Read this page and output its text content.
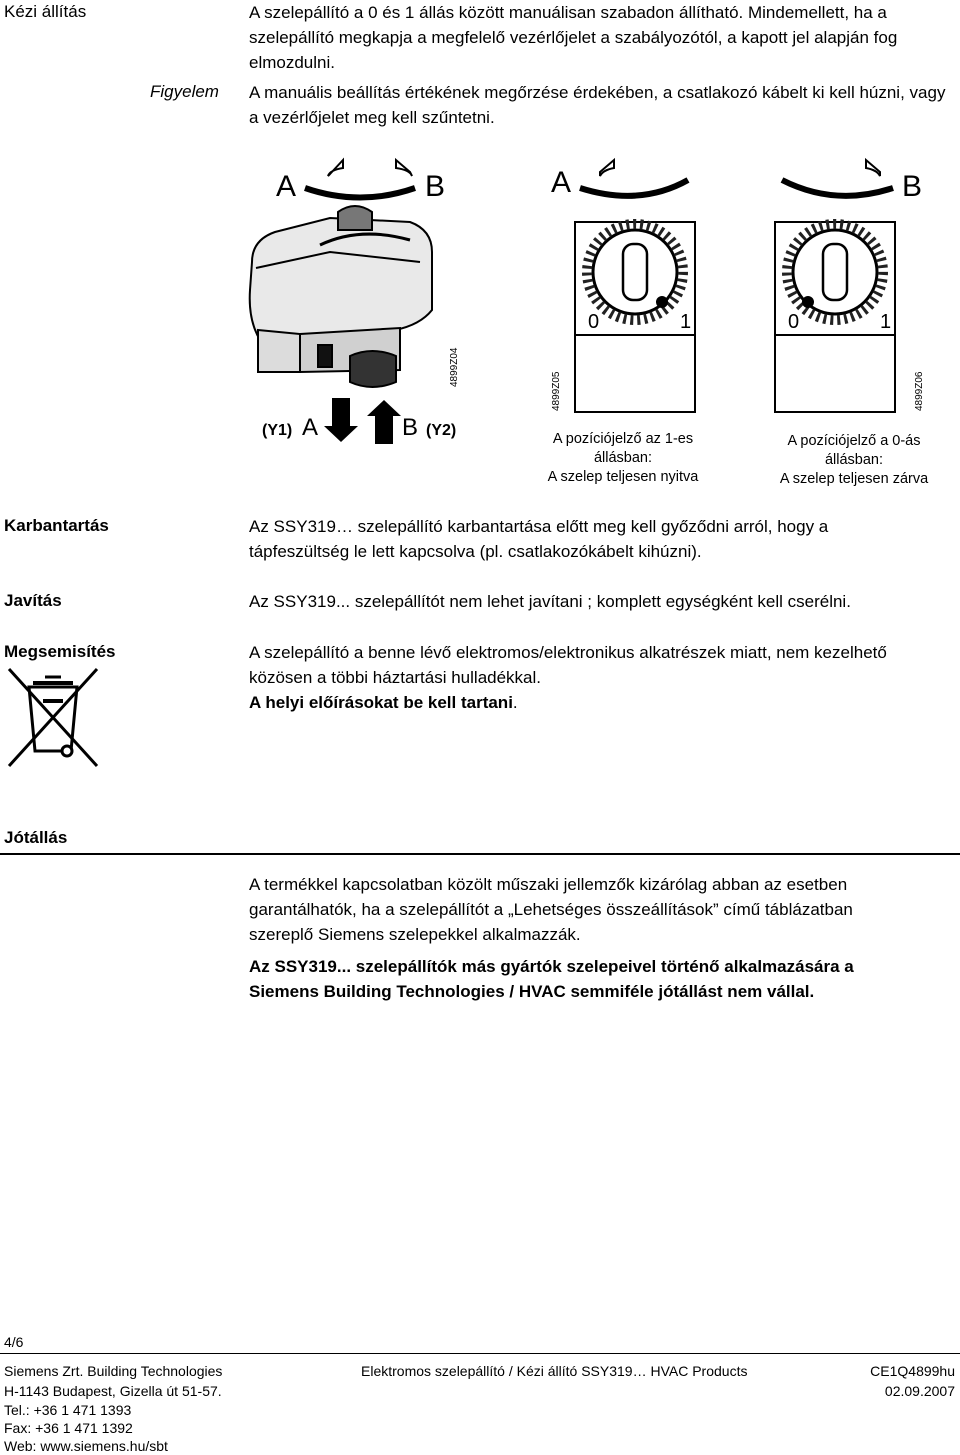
Kézi állítás	A szelepállító a 0 és 1 állás között manuálisan szabadon állítható. Mindemellett, ha a szelepállító megkapja a megfelelő vezérlőjelet a szabályozótól, a kapott jel alapján fog elmozdulni.
Figyelem A manuális beállítás értékének megőrzése érdekében, a csatlakozó kábelt ki kell húzni, vagy a vezérlőjelet meg kell szűntetni.
A	B	A	B
0	1	0	1
(Y1) A	B (Y2)
4899Z04
4899Z05	4899Z06
A pozíciójelző az 1-es
állásban:
A szelep teljesen nyitva
A pozíciójelző a 0-ás
állásban:
A szelep teljesen zárva
Karbantartás	Az SSY319… szelepállító karbantartása előtt meg kell győződni arról, hogy a tápfeszültség le lett kapcsolva (pl. csatlakozókábelt kihúzni).
Javítás	Az SSY319... szelepállítót nem lehet javítani ; komplett egységként kell cserélni.
Megsemisítés	A szelepállító a benne lévő elektromos/elektronikus alkatrészek miatt, nem kezelhető közösen a többi háztartási hulladékkal.
A helyi előírásokat be kell tartani.
Jótállás
A termékkel kapcsolatban közölt műszaki jellemzők kizárólag abban az esetben garantálhatók, ha a szelepállítót a „Lehetséges összeállítások” című táblázatban szereplő Siemens szelepekkel alkalmazzák.
Az SSY319... szelepállítók más gyártók szelepeivel történő alkalmazására a Siemens Building Technologies / HVAC semmiféle jótállást nem vállal.
4/6
Siemens Zrt. Building Technologies
H-1143 Budapest, Gizella út 51-57.
Tel.: +36 1 471 1393
Fax: +36 1 471 1392
Web: www.siemens.hu/sbt
Elektromos szelepállító / Kézi állító SSY319… HVAC Products	CE1Q4899hu
02.09.2007
